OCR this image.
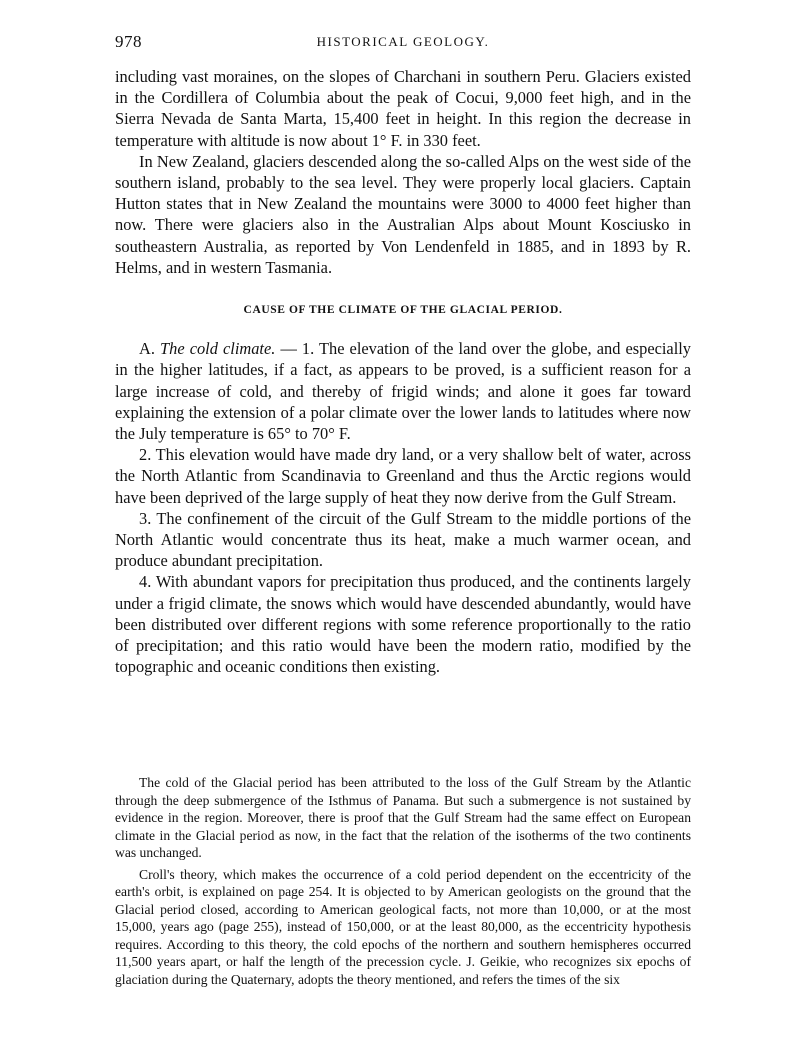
978	HISTORICAL GEOLOGY.

including vast moraines, on the slopes of Charchani in southern Peru. Glaciers existed in the Cordillera of Columbia about the peak of Cocui, 9,000 feet high, and in the Sierra Nevada de Santa Marta, 15,400 feet in height. In this region the decrease in temperature with altitude is now about 1° F. in 330 feet.

In New Zealand, glaciers descended along the so-called Alps on the west side of the southern island, probably to the sea level. They were properly local glaciers. Captain Hutton states that in New Zealand the mountains were 3000 to 4000 feet higher than now. There were glaciers also in the Australian Alps about Mount Kosciusko in southeastern Australia, as reported by Von Lendenfeld in 1885, and in 1893 by R. Helms, and in western Tasmania.

CAUSE OF THE CLIMATE OF THE GLACIAL PERIOD.

A. The cold climate. — 1. The elevation of the land over the globe, and especially in the higher latitudes, if a fact, as appears to be proved, is a sufficient reason for a large increase of cold, and thereby of frigid winds; and alone it goes far toward explaining the extension of a polar climate over the lower lands to latitudes where now the July temperature is 65° to 70° F.

2. This elevation would have made dry land, or a very shallow belt of water, across the North Atlantic from Scandinavia to Greenland and thus the Arctic regions would have been deprived of the large supply of heat they now derive from the Gulf Stream.

3. The confinement of the circuit of the Gulf Stream to the middle portions of the North Atlantic would concentrate thus its heat, make a much warmer ocean, and produce abundant precipitation.

4. With abundant vapors for precipitation thus produced, and the continents largely under a frigid climate, the snows which would have descended abundantly, would have been distributed over different regions with some reference proportionally to the ratio of precipitation; and this ratio would have been the modern ratio, modified by the topographic and oceanic conditions then existing.

The cold of the Glacial period has been attributed to the loss of the Gulf Stream by the Atlantic through the deep submergence of the Isthmus of Panama. But such a submergence is not sustained by evidence in the region. Moreover, there is proof that the Gulf Stream had the same effect on European climate in the Glacial period as now, in the fact that the relation of the isotherms of the two continents was unchanged.

Croll's theory, which makes the occurrence of a cold period dependent on the eccentricity of the earth's orbit, is explained on page 254. It is objected to by American geologists on the ground that the Glacial period closed, according to American geological facts, not more than 10,000, or at the most 15,000, years ago (page 255), instead of 150,000, or at the least 80,000, as the eccentricity hypothesis requires. According to this theory, the cold epochs of the northern and southern hemispheres occurred 11,500 years apart, or half the length of the precession cycle. J. Geikie, who recognizes six epochs of glaciation during the Quaternary, adopts the theory mentioned, and refers the times of the six
